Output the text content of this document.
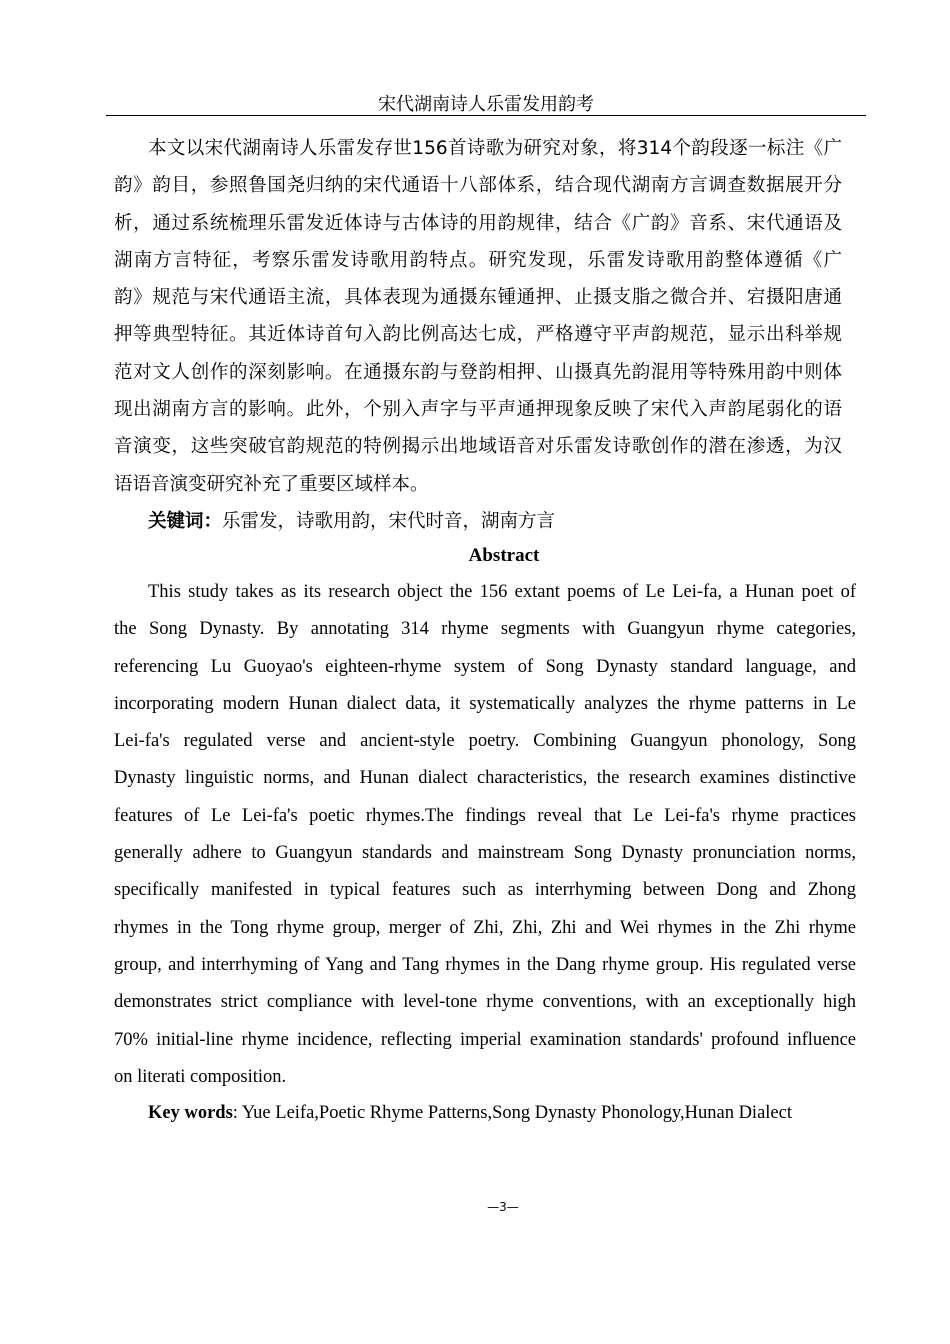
宋代湖南诗人乐雷发用韵考
本文以宋代湖南诗人乐雷发存世156首诗歌为研究对象，将314个韵段逐一标注《广
韵》韵目，参照鲁国尧归纳的宋代通语十八部体系，结合现代湖南方言调查数据展开分
析，通过系统梳理乐雷发近体诗与古体诗的用韵规律，结合《广韵》音系、宋代通语及
湖南方言特征，考察乐雷发诗歌用韵特点。研究发现，乐雷发诗歌用韵整体遵循《广
韵》规范与宋代通语主流，具体表现为通摄东锺通押、止摄支脂之微合并、宕摄阳唐通
押等典型特征。其近体诗首句入韵比例高达七成，严格遵守平声韵规范，显示出科举规
范对文人创作的深刻影响。在通摄东韵与登韵相押、山摄真先韵混用等特殊用韵中则体
现出湖南方言的影响。此外，个别入声字与平声通押现象反映了宋代入声韵尾弱化的语
音演变，这些突破官韵规范的特例揭示出地域语音对乐雷发诗歌创作的潜在渗透，为汉
语语音演变研究补充了重要区域样本。
关键词：乐雷发，诗歌用韵，宋代时音，湖南方言
Abstract
This study takes as its research object the 156 extant poems of Le Lei-fa, a Hunan poet of
the Song Dynasty. By annotating 314 rhyme segments with Guangyun rhyme categories,
referencing Lu Guoyao's eighteen-rhyme system of Song Dynasty standard language, and
incorporating modern Hunan dialect data, it systematically analyzes the rhyme patterns in Le
Lei-fa's regulated verse and ancient-style poetry. Combining Guangyun phonology, Song
Dynasty linguistic norms, and Hunan dialect characteristics, the research examines distinctive
features of Le Lei-fa's poetic rhymes.The findings reveal that Le Lei-fa's rhyme practices
generally adhere to Guangyun standards and mainstream Song Dynasty pronunciation norms,
specifically manifested in typical features such as interrhyming between Dong and Zhong
rhymes in the Tong rhyme group, merger of Zhi, Zhi, Zhi and Wei rhymes in the Zhi rhyme
group, and interrhyming of Yang and Tang rhymes in the Dang rhyme group. His regulated verse
demonstrates strict compliance with level-tone rhyme conventions, with an exceptionally high
70% initial-line rhyme incidence, reflecting imperial examination standards' profound influence
on literati composition.
Key words: Yue Leifa,Poetic Rhyme Patterns,Song Dynasty Phonology,Hunan Dialect
—3—
